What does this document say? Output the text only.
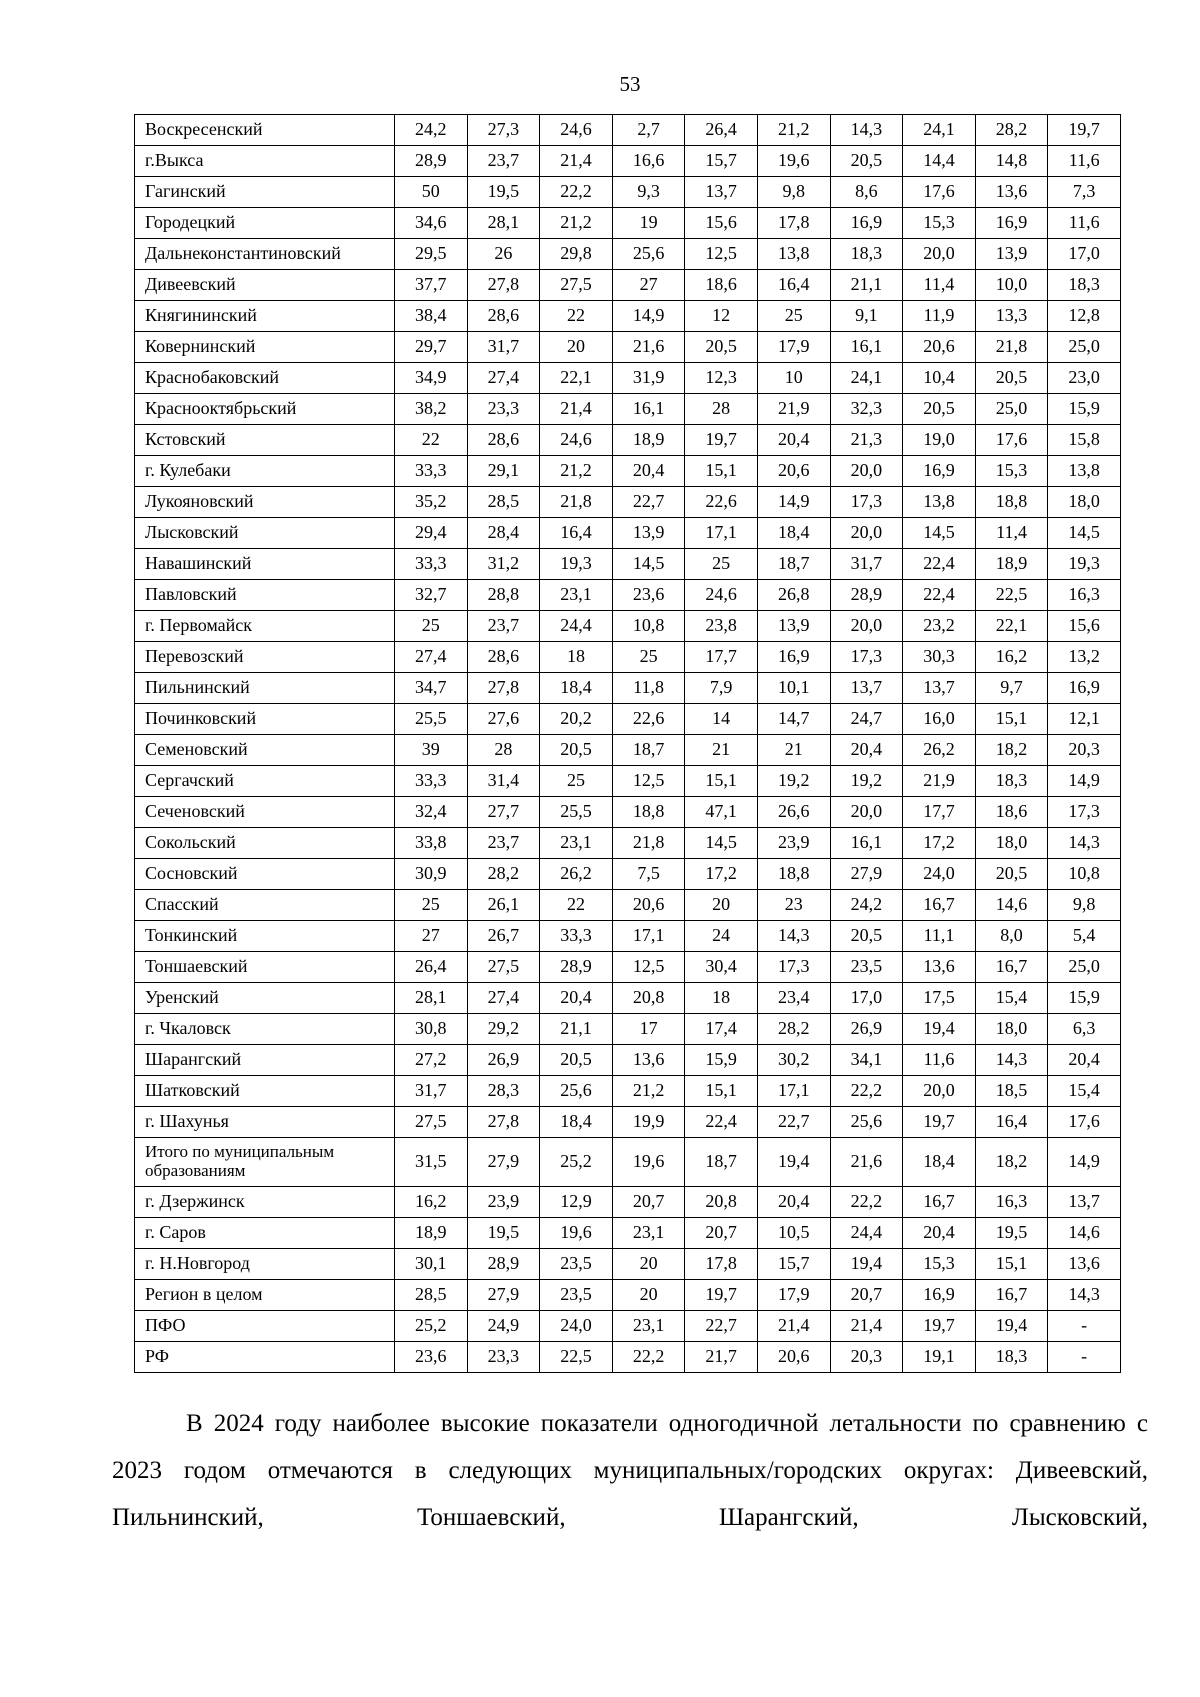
53
Воскресенский	24,2	27,3	24,6	2,7	26,4	21,2	14,3	24,1	28,2	19,7
г.Выкса	28,9	23,7	21,4	16,6	15,7	19,6	20,5	14,4	14,8	11,6
Гагинский	50	19,5	22,2	9,3	13,7	9,8	8,6	17,6	13,6	7,3
Городецкий	34,6	28,1	21,2	19	15,6	17,8	16,9	15,3	16,9	11,6
Дальнеконстантиновский	29,5	26	29,8	25,6	12,5	13,8	18,3	20,0	13,9	17,0
Дивеевский	37,7	27,8	27,5	27	18,6	16,4	21,1	11,4	10,0	18,3
Княгининский	38,4	28,6	22	14,9	12	25	9,1	11,9	13,3	12,8
Ковернинский	29,7	31,7	20	21,6	20,5	17,9	16,1	20,6	21,8	25,0
Краснобаковский	34,9	27,4	22,1	31,9	12,3	10	24,1	10,4	20,5	23,0
Краснооктябрьский	38,2	23,3	21,4	16,1	28	21,9	32,3	20,5	25,0	15,9
Кстовский	22	28,6	24,6	18,9	19,7	20,4	21,3	19,0	17,6	15,8
г. Кулебаки	33,3	29,1	21,2	20,4	15,1	20,6	20,0	16,9	15,3	13,8
Лукояновский	35,2	28,5	21,8	22,7	22,6	14,9	17,3	13,8	18,8	18,0
Лысковский	29,4	28,4	16,4	13,9	17,1	18,4	20,0	14,5	11,4	14,5
Навашинский	33,3	31,2	19,3	14,5	25	18,7	31,7	22,4	18,9	19,3
Павловский	32,7	28,8	23,1	23,6	24,6	26,8	28,9	22,4	22,5	16,3
г. Первомайск	25	23,7	24,4	10,8	23,8	13,9	20,0	23,2	22,1	15,6
Перевозский	27,4	28,6	18	25	17,7	16,9	17,3	30,3	16,2	13,2
Пильнинский	34,7	27,8	18,4	11,8	7,9	10,1	13,7	13,7	9,7	16,9
Починковский	25,5	27,6	20,2	22,6	14	14,7	24,7	16,0	15,1	12,1
Семеновский	39	28	20,5	18,7	21	21	20,4	26,2	18,2	20,3
Сергачский	33,3	31,4	25	12,5	15,1	19,2	19,2	21,9	18,3	14,9
Сеченовский	32,4	27,7	25,5	18,8	47,1	26,6	20,0	17,7	18,6	17,3
Сокольский	33,8	23,7	23,1	21,8	14,5	23,9	16,1	17,2	18,0	14,3
Сосновский	30,9	28,2	26,2	7,5	17,2	18,8	27,9	24,0	20,5	10,8
Спасский	25	26,1	22	20,6	20	23	24,2	16,7	14,6	9,8
Тонкинский	27	26,7	33,3	17,1	24	14,3	20,5	11,1	8,0	5,4
Тоншаевский	26,4	27,5	28,9	12,5	30,4	17,3	23,5	13,6	16,7	25,0
Уренский	28,1	27,4	20,4	20,8	18	23,4	17,0	17,5	15,4	15,9
г. Чкаловск	30,8	29,2	21,1	17	17,4	28,2	26,9	19,4	18,0	6,3
Шарангский	27,2	26,9	20,5	13,6	15,9	30,2	34,1	11,6	14,3	20,4
Шатковский	31,7	28,3	25,6	21,2	15,1	17,1	22,2	20,0	18,5	15,4
г. Шахунья	27,5	27,8	18,4	19,9	22,4	22,7	25,6	19,7	16,4	17,6
Итого по муниципальным образованиям	31,5	27,9	25,2	19,6	18,7	19,4	21,6	18,4	18,2	14,9
г. Дзержинск	16,2	23,9	12,9	20,7	20,8	20,4	22,2	16,7	16,3	13,7
г. Саров	18,9	19,5	19,6	23,1	20,7	10,5	24,4	20,4	19,5	14,6
г. Н.Новгород	30,1	28,9	23,5	20	17,8	15,7	19,4	15,3	15,1	13,6
Регион в целом	28,5	27,9	23,5	20	19,7	17,9	20,7	16,9	16,7	14,3
ПФО	25,2	24,9	24,0	23,1	22,7	21,4	21,4	19,7	19,4	-
РФ	23,6	23,3	22,5	22,2	21,7	20,6	20,3	19,1	18,3	-
В 2024 году наиболее высокие показатели одногодичной летальности по сравнению с 2023 годом отмечаются в следующих муниципальных/городских округах: Дивеевский, Пильнинский, Тоншаевский, Шарангский, Лысковский,
